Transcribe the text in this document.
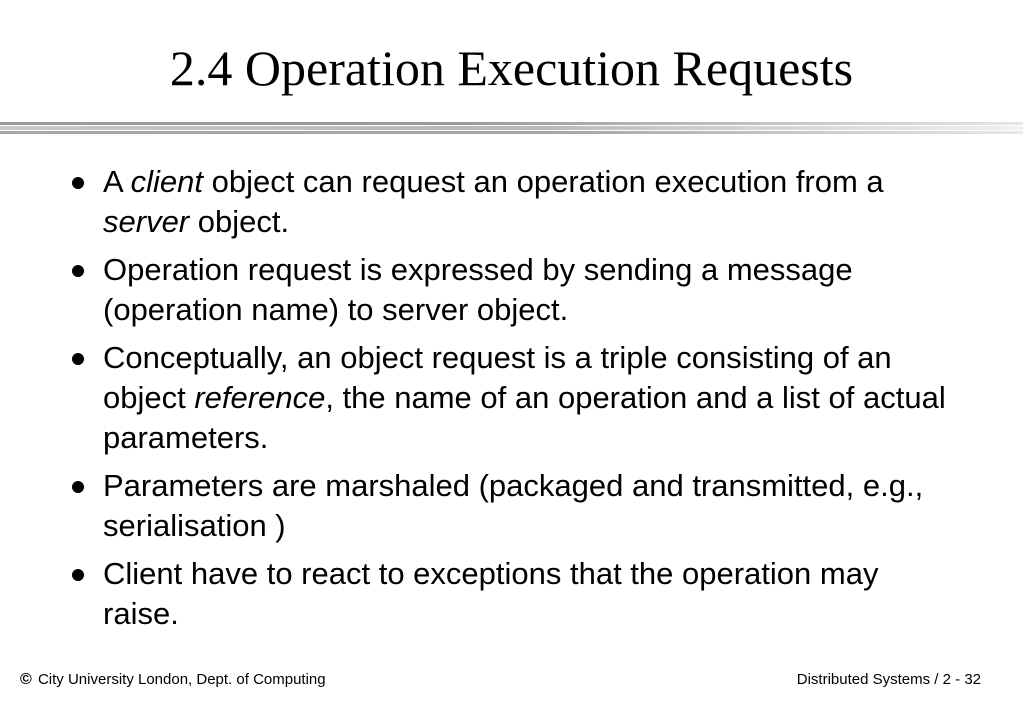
2.4 Operation Execution Requests
A client object can request an operation execution from a server object.
Operation request is expressed by sending a message (operation name) to server object.
Conceptually, an object request is a triple consisting of an object reference, the name of an operation and a list of actual parameters.
Parameters are marshaled (packaged and transmitted, e.g., serialisation )
Client have to react to exceptions that the operation may raise.
© City University London, Dept. of Computing	Distributed Systems / 2 - 32
